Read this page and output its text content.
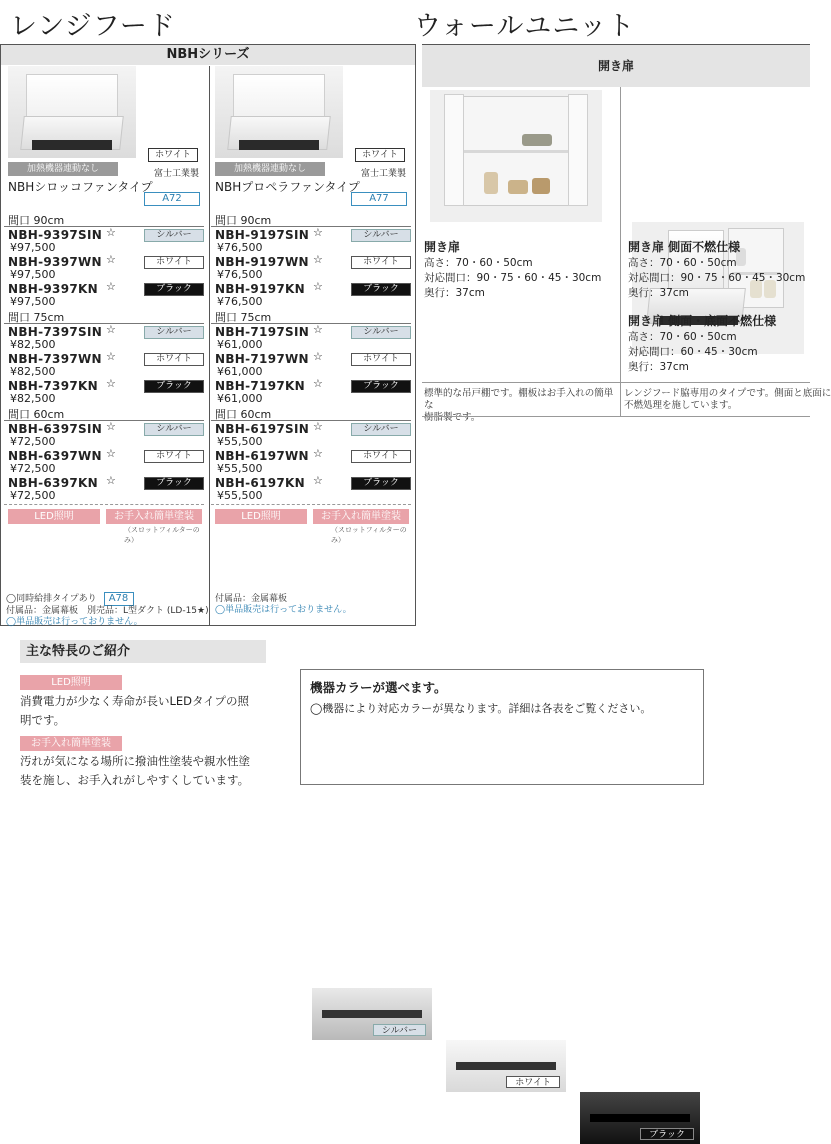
レンジフード	ウォールユニット
NBHシリーズ
加熱機器連動なし
ホワイト
富士工業製
NBHシロッコファンタイプ
A72
間口 90cm
NBH-9397SIN ☆	シルバー
¥97,500
NBH-9397WN ☆	ホワイト
¥97,500
NBH-9397KN ☆	ブラック
¥97,500
間口 75cm
NBH-7397SIN ☆	シルバー
¥82,500
NBH-7397WN ☆	ホワイト
¥82,500
NBH-7397KN ☆	ブラック
¥82,500
間口 60cm
NBH-6397SIN ☆	シルバー
¥72,500
NBH-6397WN ☆	ホワイト
¥72,500
NBH-6397KN ☆	ブラック
¥72,500
LED照明	お手入れ簡単塗装
（スロットフィルターのみ）
加熱機器連動なし
ホワイト
富士工業製
NBHプロペラファンタイプ
A77
間口 90cm
NBH-9197SIN ☆	シルバー
¥76,500
NBH-9197WN ☆	ホワイト
¥76,500
NBH-9197KN ☆	ブラック
¥76,500
間口 75cm
NBH-7197SIN ☆	シルバー
¥61,000
NBH-7197WN ☆	ホワイト
¥61,000
NBH-7197KN ☆	ブラック
¥61,000
間口 60cm
NBH-6197SIN ☆	シルバー
¥55,500
NBH-6197WN ☆	ホワイト
¥55,500
NBH-6197KN ☆	ブラック
¥55,500
LED照明	お手入れ簡単塗装
（スロットフィルターのみ）
◯同時給排タイプあり A78
付属品：金属幕板　別売品：L型ダクト (LD-15★)
◯単品販売は行っておりません。
付属品：金属幕板
◯単品販売は行っておりません。
開き扉
開き扉
高さ：70・60・50cm
対応間口：90・75・60・45・30cm
奥行：37cm
開き扉 側面不燃仕様
高さ：70・60・50cm
対応間口：90・75・60・45・30cm
奥行：37cm
開き扉 側面・底面不燃仕様
高さ：70・60・50cm
対応間口：60・45・30cm
奥行：37cm
標準的な吊戸棚です。棚板はお手入れの簡単な
樹脂製です。
レンジフード脇専用のタイプです。側面と底面に
不燃処理を施しています。
主な特長のご紹介
LED照明
消費電力が少なく寿命が長いLEDタイプの照
明です。
お手入れ簡単塗装
汚れが気になる場所に撥油性塗装や親水性塗
装を施し、お手入れがしやすくしています。
機器カラーが選べます。
◯機器により対応カラーが異なります。詳細は各表をご覧ください。
シルバー
ホワイト
ブラック
